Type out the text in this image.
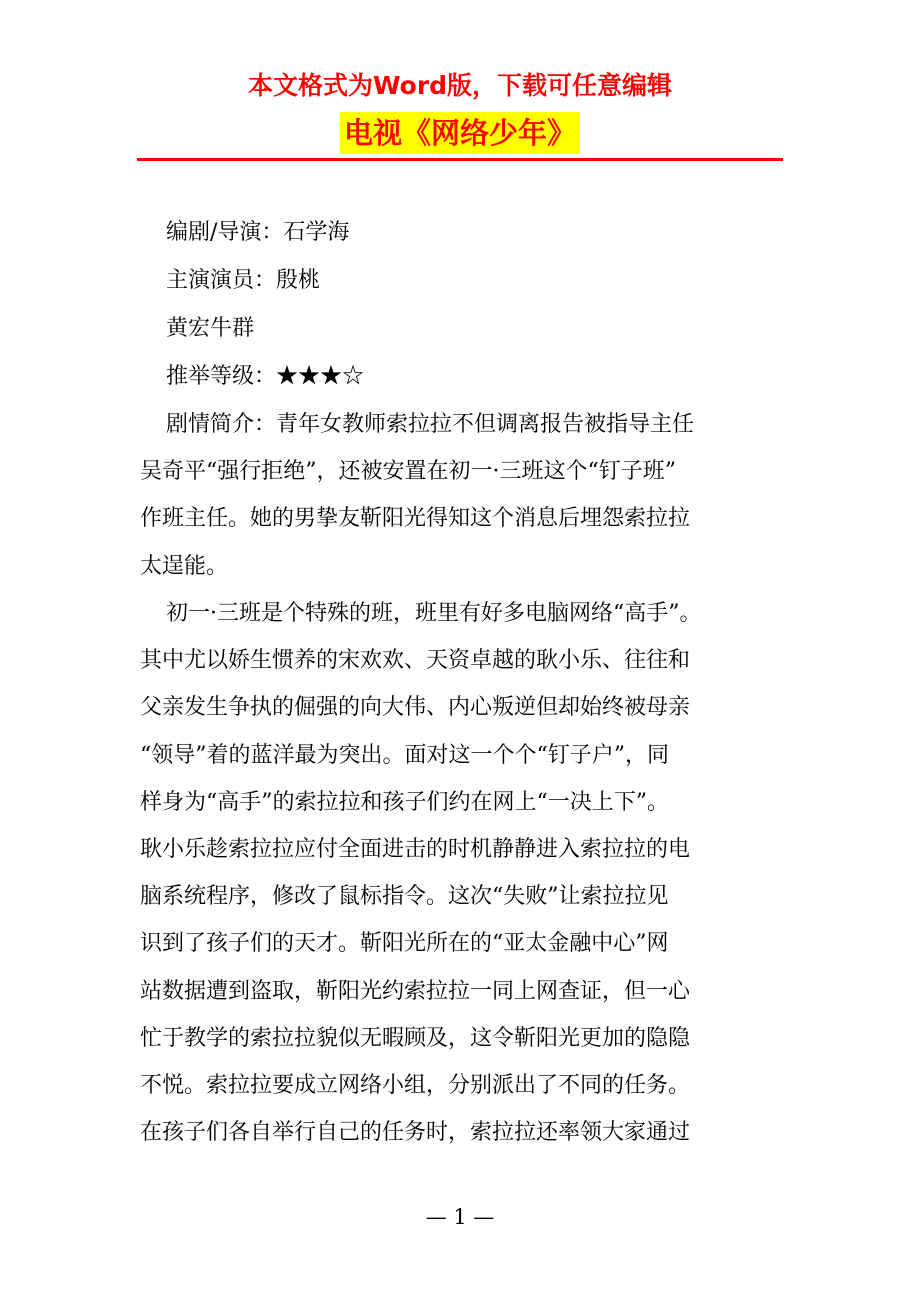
本文格式为Word版，下载可任意编辑
电视《网络少年》
编剧/导演：石学海
主演演员：殷桃
黄宏牛群
推举等级：★★★☆
剧情简介：青年女教师索拉拉不但调离报告被指导主任
吴奇平“强行拒绝”，还被安置在初一·三班这个“钉子班”
作班主任。她的男挚友靳阳光得知这个消息后埋怨索拉拉
太逞能。
初一·三班是个特殊的班，班里有好多电脑网络“高手”。
其中尤以娇生惯养的宋欢欢、天资卓越的耿小乐、往往和
父亲发生争执的倔强的向大伟、内心叛逆但却始终被母亲
“领导”着的蓝洋最为突出。面对这一个个“钉子户”，同
样身为“高手”的索拉拉和孩子们约在网上“一决上下”。
耿小乐趁索拉拉应付全面进击的时机静静进入索拉拉的电
脑系统程序，修改了鼠标指令。这次“失败”让索拉拉见
识到了孩子们的天才。靳阳光所在的“亚太金融中心”网
站数据遭到盗取，靳阳光约索拉拉一同上网查证，但一心
忙于教学的索拉拉貌似无暇顾及，这令靳阳光更加的隐隐
不悦。索拉拉要成立网络小组，分别派出了不同的任务。
在孩子们各自举行自己的任务时，索拉拉还率领大家通过
— 1 —
